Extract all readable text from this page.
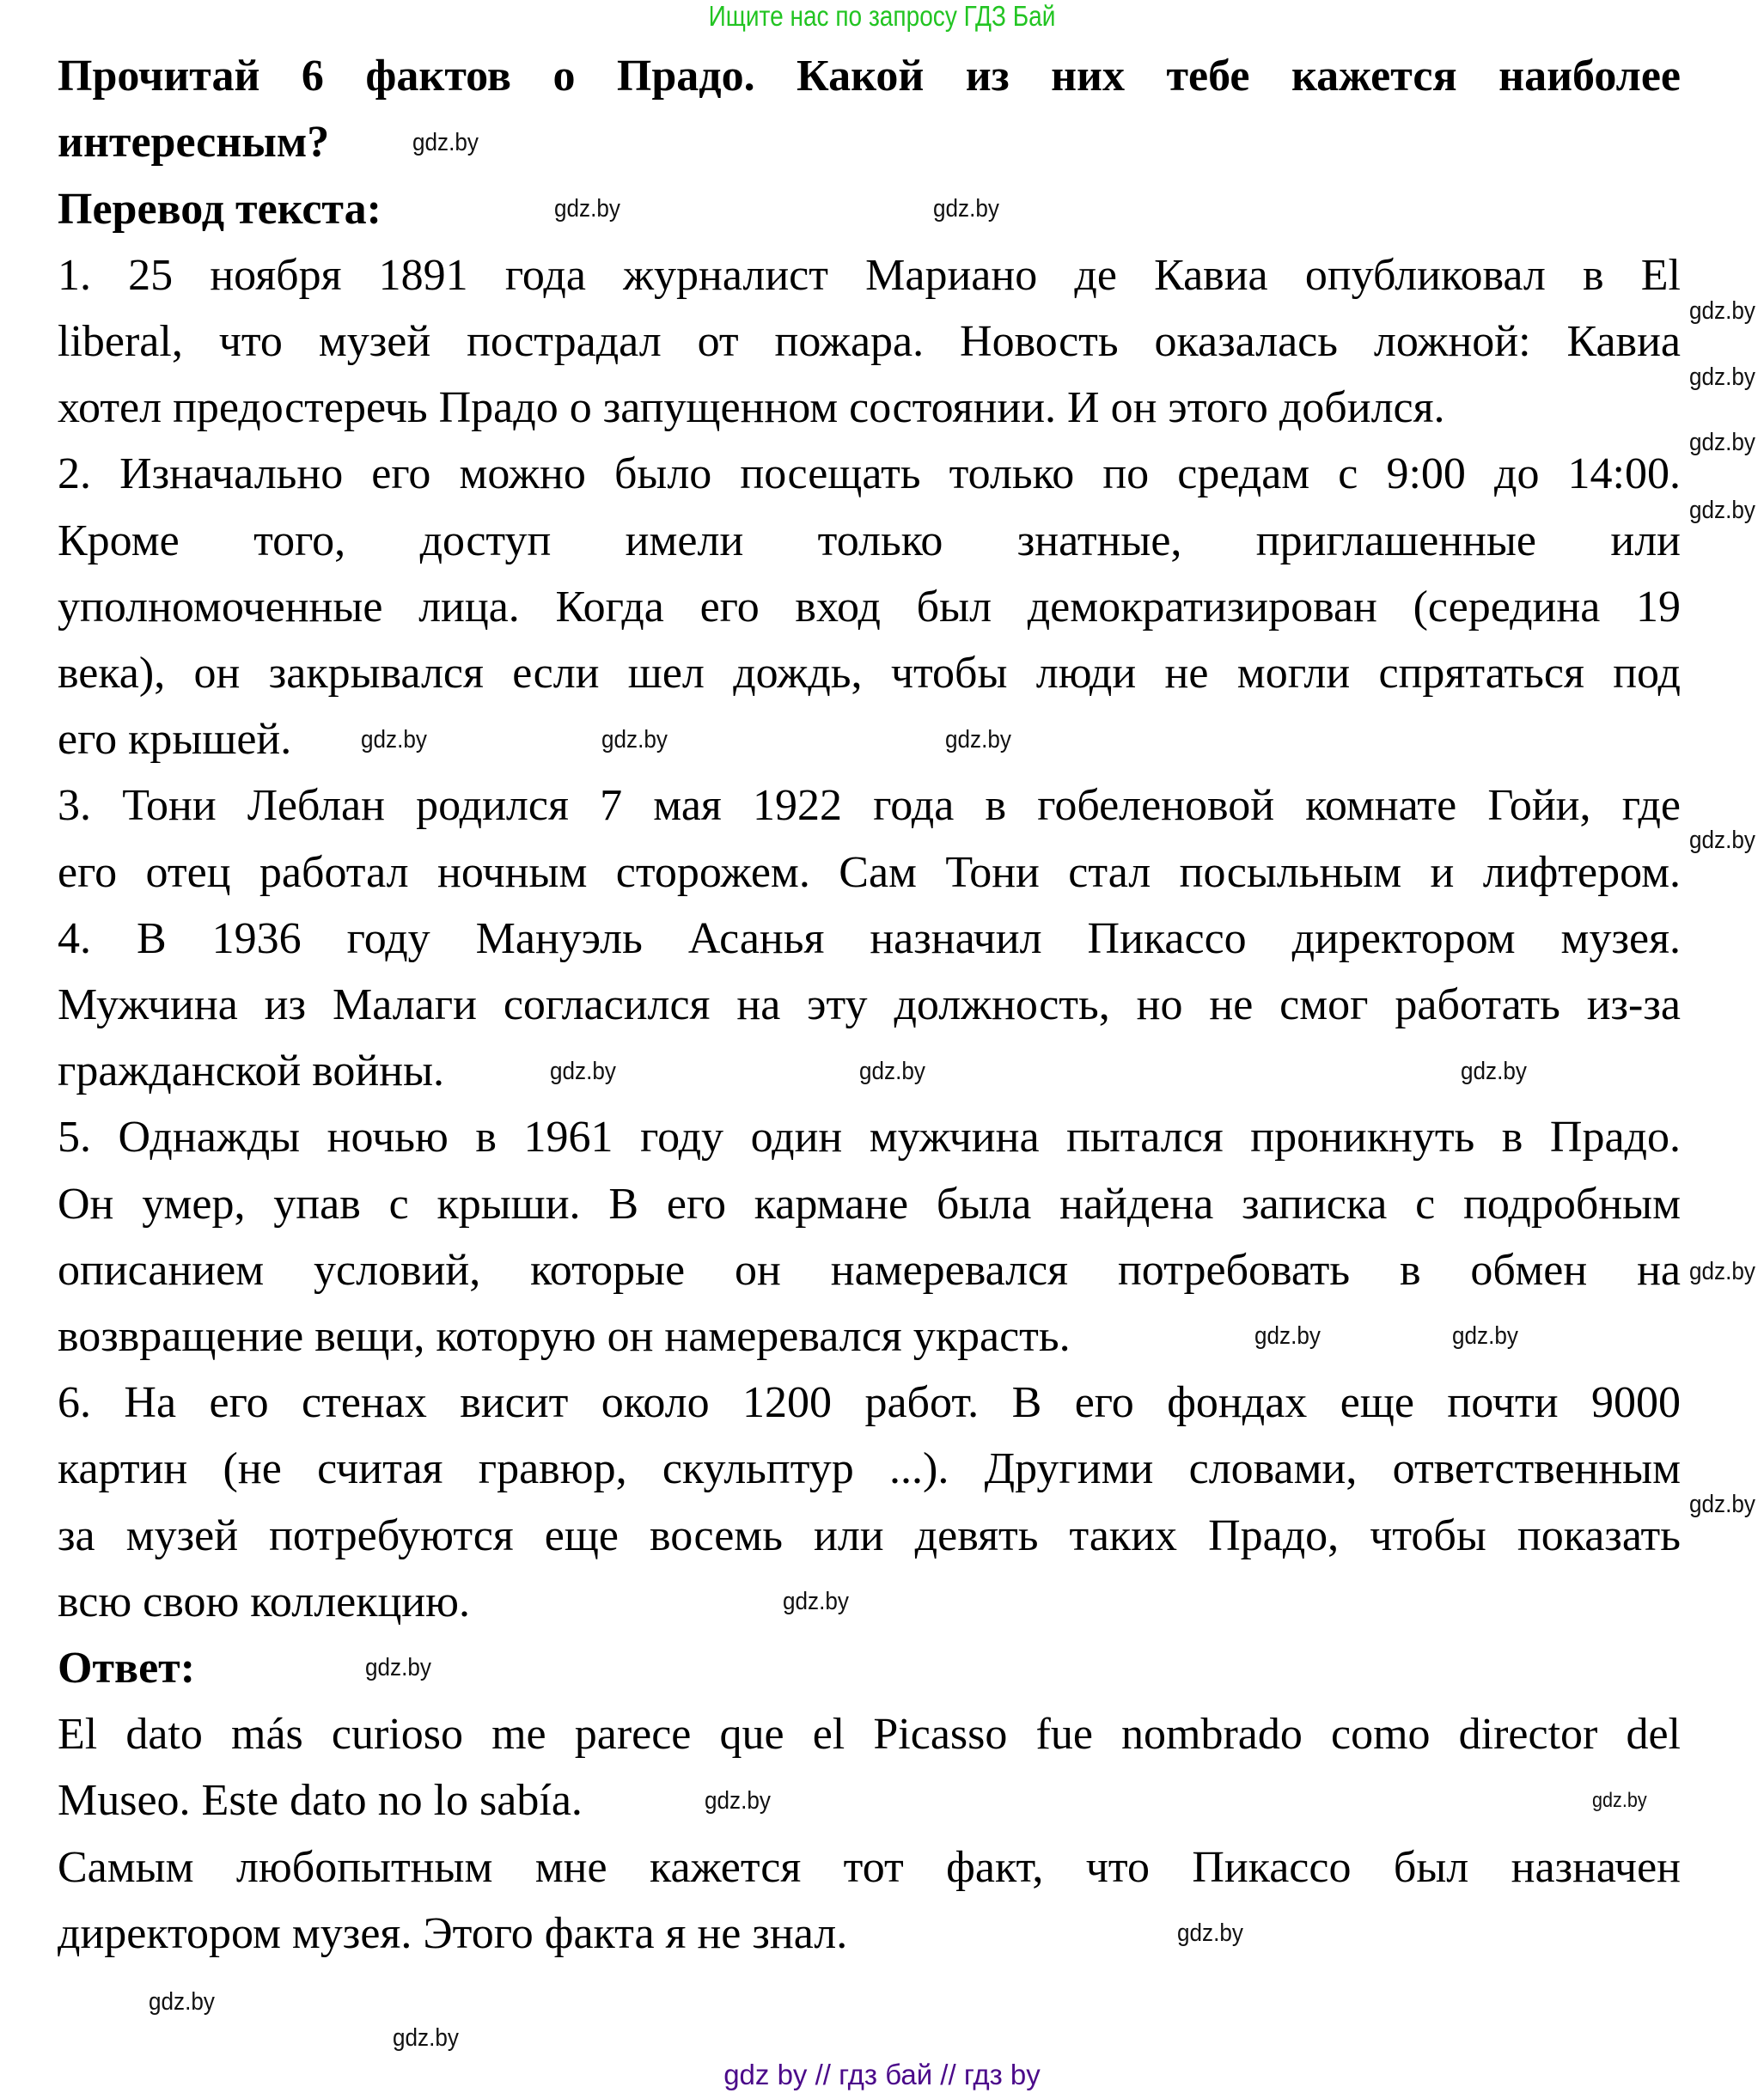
Ищите нас по запросу ГДЗ Бай
Прочитай 6 фактов о Прадо. Какой из них тебе кажется наиболее
интересным?
Перевод текста:
1. 25 ноября 1891 года журналист Мариано де Кавиа опубликовал в El
liberal, что музей пострадал от пожара. Новость оказалась ложной: Кавиа
хотел предостеречь Прадо о запущенном состоянии. И он этого добился.
2. Изначально его можно было посещать только по средам с 9:00 до 14:00.
Кроме того, доступ имели только знатные, приглашенные или
уполномоченные лица. Когда его вход был демократизирован (середина 19
века), он закрывался если шел дождь, чтобы люди не могли спрятаться под
его крышей.
3. Тони Леблан родился 7 мая 1922 года в гобеленовой комнате Гойи, где
его отец работал ночным сторожем. Сам Тони стал посыльным и лифтером.
4. В 1936 году Мануэль Асанья назначил Пикассо директором музея.
Мужчина из Малаги согласился на эту должность, но не смог работать из-за
гражданской войны.
5. Однажды ночью в 1961 году один мужчина пытался проникнуть в Прадо.
Он умер, упав с крыши. В его кармане была найдена записка с подробным
описанием условий, которые он намеревался потребовать в обмен на
возвращение вещи, которую он намеревался украсть.
6. На его стенах висит около 1200 работ. В его фондах еще почти 9000
картин (не считая гравюр, скульптур ...). Другими словами, ответственным
за музей потребуются еще восемь или девять таких Прадо, чтобы показать
всю свою коллекцию.
Ответ:
El dato más curioso me parece que el Picasso fue nombrado como director del
Museo. Este dato no lo sabía.
Самым любопытным мне кажется тот факт, что Пикассо был назначен
директором музея. Этого факта я не знал.
gdz.by
gdz.by	gdz.by
gdz.by
gdz.by
gdz.by
gdz.by
gdz.by	gdz.by	gdz.by
gdz.by
gdz.by	gdz.by	gdz.by
gdz.by
gdz.by
gdz.by
gdz.by
gdz.by
gdz.by
gdz.by	gdz.by
gdz.by
gdz.by
gdz.by
gdz by // гдз бай // гдз by
